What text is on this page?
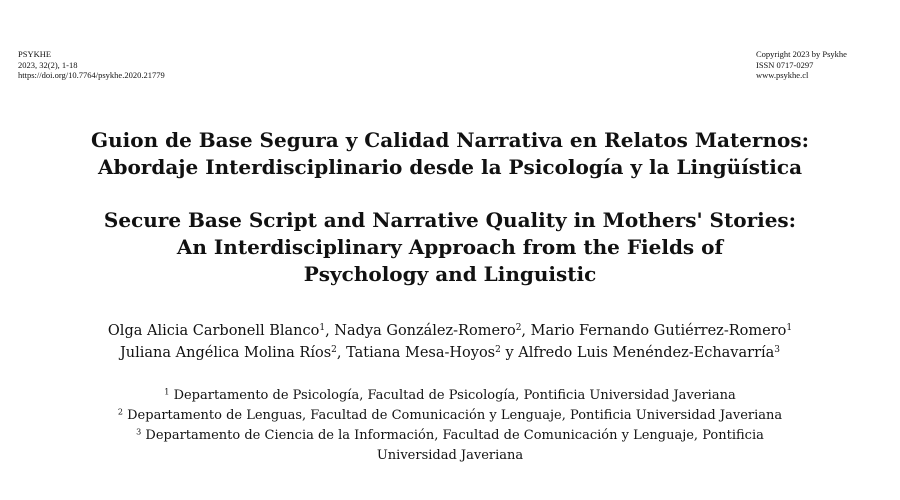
PSYKHE
2023, 32(2), 1-18
https://doi.org/10.7764/psykhe.2020.21779
Copyright 2023 by Psykhe
ISSN 0717-0297
www.psykhe.cl
Guion de Base Segura y Calidad Narrativa en Relatos Maternos:
Abordaje Interdisciplinario desde la Psicología y la Lingüística
Secure Base Script and Narrative Quality in Mothers' Stories:
An Interdisciplinary Approach from the Fields of
Psychology and Linguistic
Olga Alicia Carbonell Blanco$^1$, Nadya González-Romero$^2$, Mario Fernando Gutiérrez-Romero$^1$
Juliana Angélica Molina Ríos$^2$, Tatiana Mesa-Hoyos$^2$ y Alfredo Luis Menéndez-Echavarría$^3$
$^1$ Departamento de Psicología, Facultad de Psicología, Pontificia Universidad Javeriana
$^2$ Departamento de Lenguas, Facultad de Comunicación y Lenguaje, Pontificia Universidad Javeriana
$^3$ Departamento de Ciencia de la Información, Facultad de Comunicación y Lenguaje, Pontificia
Universidad Javeriana
